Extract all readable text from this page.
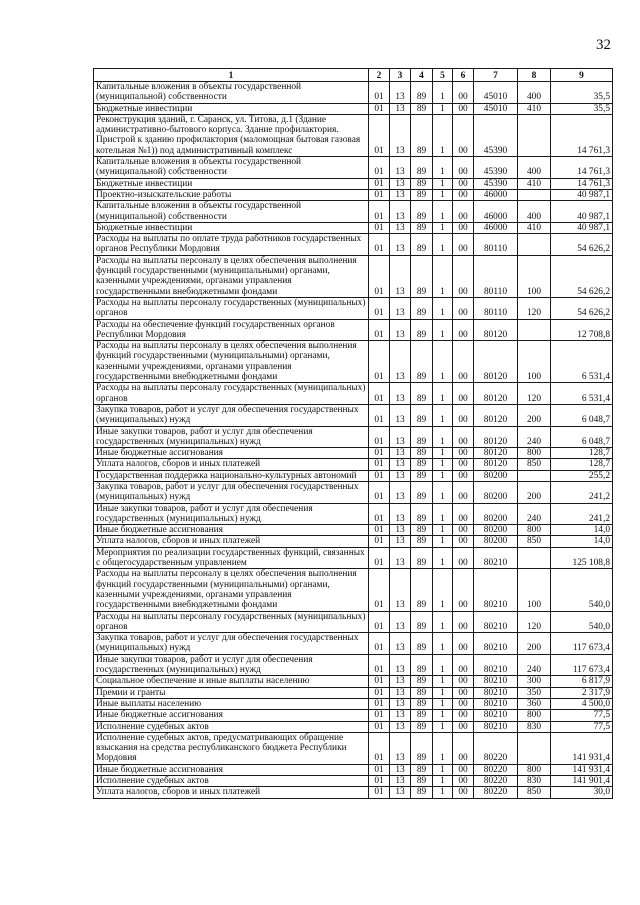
32
1	2	3	4	5	6	7	8	9
Капитальные вложения в объекты государственной (муниципальной) собственности	01	13	89	1	00	45010	400	35,5
Бюджетные инвестиции	01	13	89	1	00	45010	410	35,5
Реконструкция зданий, г. Саранск, ул. Титова, д.1 (Здание административно-бытового корпуса. Здание профилактория. Пристрой к зданию профилактория (маломощная бытовая газовая котельная №1)) под административный комплекс	01	13	89	1	00	45390		14 761,3
Капитальные вложения в объекты государственной (муниципальной) собственности	01	13	89	1	00	45390	400	14 761,3
Бюджетные инвестиции	01	13	89	1	00	45390	410	14 761,3
Проектно-изыскательские работы	01	13	89	1	00	46000		40 987,1
Капитальные вложения в объекты государственной (муниципальной) собственности	01	13	89	1	00	46000	400	40 987,1
Бюджетные инвестиции	01	13	89	1	00	46000	410	40 987,1
Расходы на выплаты по оплате труда работников государственных органов Республики Мордовия	01	13	89	1	00	80110		54 626,2
Расходы на выплаты персоналу в целях обеспечения выполнения функций государственными (муниципальными) органами, казенными учреждениями, органами управления государственными внебюджетными фондами	01	13	89	1	00	80110	100	54 626,2
Расходы на выплаты персоналу государственных (муниципальных) органов	01	13	89	1	00	80110	120	54 626,2
Расходы на обеспечение функций государственных органов Республики Мордовия	01	13	89	1	00	80120		12 708,8
Расходы на выплаты персоналу в целях обеспечения выполнения функций государственными (муниципальными) органами, казенными учреждениями, органами управления государственными внебюджетными фондами	01	13	89	1	00	80120	100	6 531,4
Расходы на выплаты персоналу государственных (муниципальных) органов	01	13	89	1	00	80120	120	6 531,4
Закупка товаров, работ и услуг для обеспечения государственных (муниципальных) нужд	01	13	89	1	00	80120	200	6 048,7
Иные закупки товаров, работ и услуг для обеспечения государственных (муниципальных) нужд	01	13	89	1	00	80120	240	6 048,7
Иные бюджетные ассигнования	01	13	89	1	00	80120	800	128,7
Уплата налогов, сборов и иных платежей	01	13	89	1	00	80120	850	128,7
Государственная поддержка национально-культурных автономий	01	13	89	1	00	80200		255,2
Закупка товаров, работ и услуг для обеспечения государственных (муниципальных) нужд	01	13	89	1	00	80200	200	241,2
Иные закупки товаров, работ и услуг для обеспечения государственных (муниципальных) нужд	01	13	89	1	00	80200	240	241,2
Иные бюджетные ассигнования	01	13	89	1	00	80200	800	14,0
Уплата налогов, сборов и иных платежей	01	13	89	1	00	80200	850	14,0
Мероприятия по реализации государственных функций, связанных с общегосударственным управлением	01	13	89	1	00	80210		125 108,8
Расходы на выплаты персоналу в целях обеспечения выполнения функций государственными (муниципальными) органами, казенными учреждениями, органами управления государственными внебюджетными фондами	01	13	89	1	00	80210	100	540,0
Расходы на выплаты персоналу государственных (муниципальных) органов	01	13	89	1	00	80210	120	540,0
Закупка товаров, работ и услуг для обеспечения государственных (муниципальных) нужд	01	13	89	1	00	80210	200	117 673,4
Иные закупки товаров, работ и услуг для обеспечения государственных (муниципальных) нужд	01	13	89	1	00	80210	240	117 673,4
Социальное обеспечение и иные выплаты населению	01	13	89	1	00	80210	300	6 817,9
Премии и гранты	01	13	89	1	00	80210	350	2 317,9
Иные выплаты населению	01	13	89	1	00	80210	360	4 500,0
Иные бюджетные ассигнования	01	13	89	1	00	80210	800	77,5
Исполнение судебных актов	01	13	89	1	00	80210	830	77,5
Исполнение судебных актов, предусматривающих обращение взыскания на средства республиканского бюджета Республики Мордовия	01	13	89	1	00	80220		141 931,4
Иные бюджетные ассигнования	01	13	89	1	00	80220	800	141 931,4
Исполнение судебных актов	01	13	89	1	00	80220	830	141 901,4
Уплата налогов, сборов и иных платежей	01	13	89	1	00	80220	850	30,0
